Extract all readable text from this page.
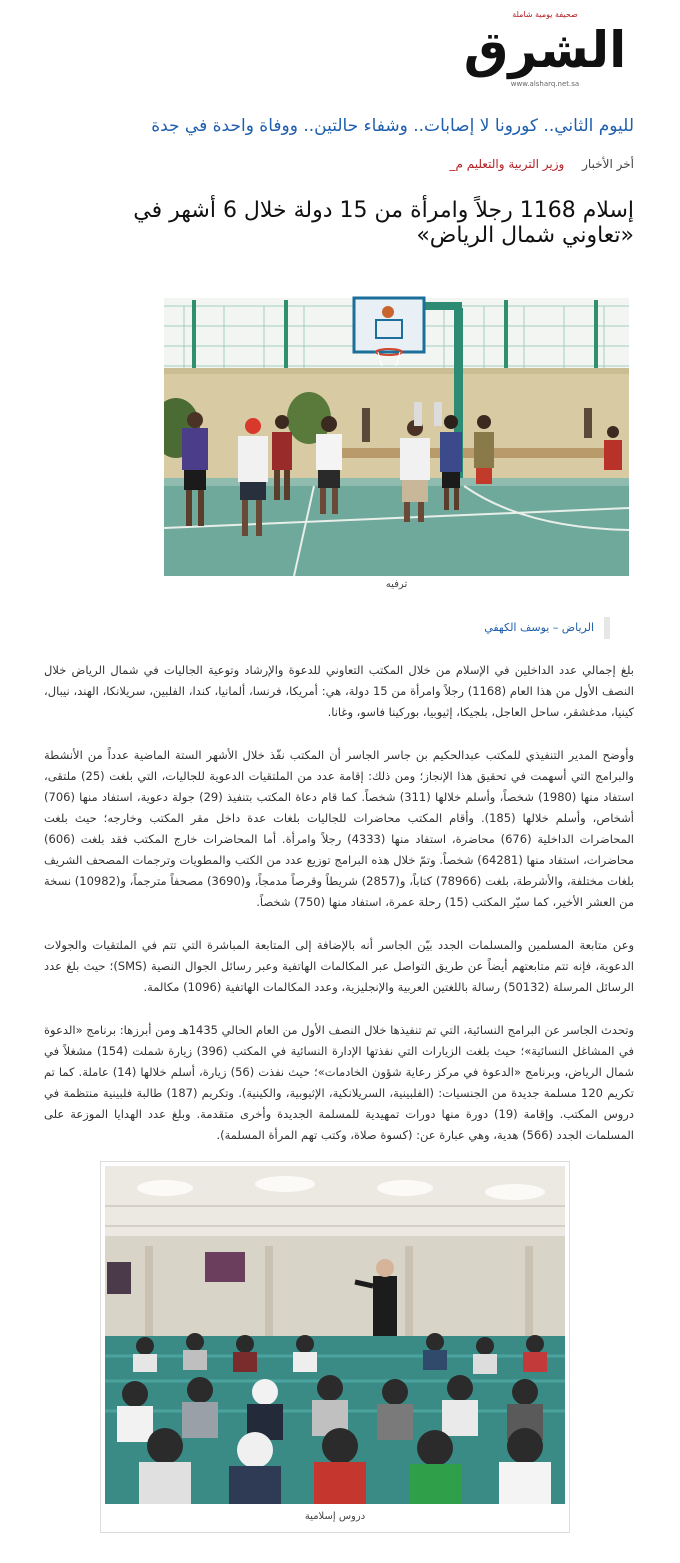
صحيفة يومية شاملة
الشرق
www.alsharq.net.sa
لليوم الثاني.. كورونا لا إصابات.. وشفاء حالتين.. ووفاة واحدة في جدة
أخر الأخبار وزير التربية والتعليم م_
إسلام 1168 رجلاً وامرأة من 15 دولة خلال 6 أشهر في «تعاوني شمال الرياض»
ترفيه
الرياض – يوسف الكهفي

بلغ إجمالي عدد الداخلين في الإسلام من خلال المكتب التعاوني للدعوة والإرشاد وتوعية الجاليات في شمال الرياض خلال النصف الأول من هذا العام (1168) رجلاً وامرأة من 15 دولة، هي: أمريكا، فرنسا، ألمانيا، كندا، الفلبين، سريلانكا، الهند، نيبال، كينيا، مدغشقر، ساحل العاجل، بلجيكا، إثيوبيا، بوركينا فاسو، وغانا.

وأوضح المدير التنفيذي للمكتب عبدالحكيم بن جاسر الجاسر أن المكتب نفّذ خلال الأشهر الستة الماضية عدداً من الأنشطة والبرامج التي أسهمت في تحقيق هذا الإنجاز؛ ومن ذلك: إقامة عدد من الملتقيات الدعوية للجاليات، التي بلغت (25) ملتقى، استفاد منها (1980) شخصاً، وأسلم خلالها (311) شخصاً. كما قام دعاة المكتب بتنفيذ (29) جولة دعوية، استفاد منها (706) أشخاص، وأسلم خلالها (185). وأقام المكتب محاضرات للجاليات بلغات عدة داخل مقر المكتب وخارجه؛ حيث بلغت المحاضرات الداخلية (676) محاضرة، استفاد منها (4333) رجلاً وامرأة. أما المحاضرات خارج المكتب فقد بلغت (606) محاضرات، استفاد منها (64281) شخصاً. وتمّ خلال هذه البرامج توزيع عدد من الكتب والمطويات وترجمات المصحف الشريف بلغات مختلفة، والأشرطة، بلغت (78966) كتاباً، و(2857) شريطاً وقرصاً مدمجاً، و(3690) مصحفاً مترجماً، و(10982) نسخة من العشر الأخير، كما سيّر المكتب (15) رحلة عمرة، استفاد منها (750) شخصاً.

وعن متابعة المسلمين والمسلمات الجدد بيّن الجاسر أنه بالإضافة إلى المتابعة المباشرة التي تتم في الملتقيات والجولات الدعوية، فإنه تتم متابعتهم أيضاً عن طريق التواصل عبر المكالمات الهاتفية وعبر رسائل الجوال النصية (SMS)؛ حيث بلغ عدد الرسائل المرسلة (50132) رسالة باللغتين العربية والإنجليزية، وعدد المكالمات الهاتفية (1096) مكالمة.

وتحدث الجاسر عن البرامج النسائية، التي تم تنفيذها خلال النصف الأول من العام الحالي 1435هـ ومن أبرزها: برنامج «الدعوة في المشاغل النسائية»؛ حيث بلغت الزيارات التي نفذتها الإدارة النسائية في المكتب (396) زيارة شملت (154) مشغلاً في شمال الرياض، وبرنامج «الدعوة في مركز رعاية شؤون الخادمات»؛ حيث نفذت (56) زيارة، أسلم خلالها (14) عاملة. كما تم تكريم 120 مسلمة جديدة من الجنسيات: (الفلبينية، السريلانكية، الإثيوبية، والكينية). وتكريم (187) طالبة فلبينية منتظمة في دروس المكتب. وإقامة (19) دورة منها دورات تمهيدية للمسلمة الجديدة وأخرى متقدمة. وبلغ عدد الهدايا الموزعة على المسلمات الجدد (566) هدية، وهي عبارة عن: (كسوة صلاة، وكتب تهم المرأة المسلمة).

دروس إسلامية
